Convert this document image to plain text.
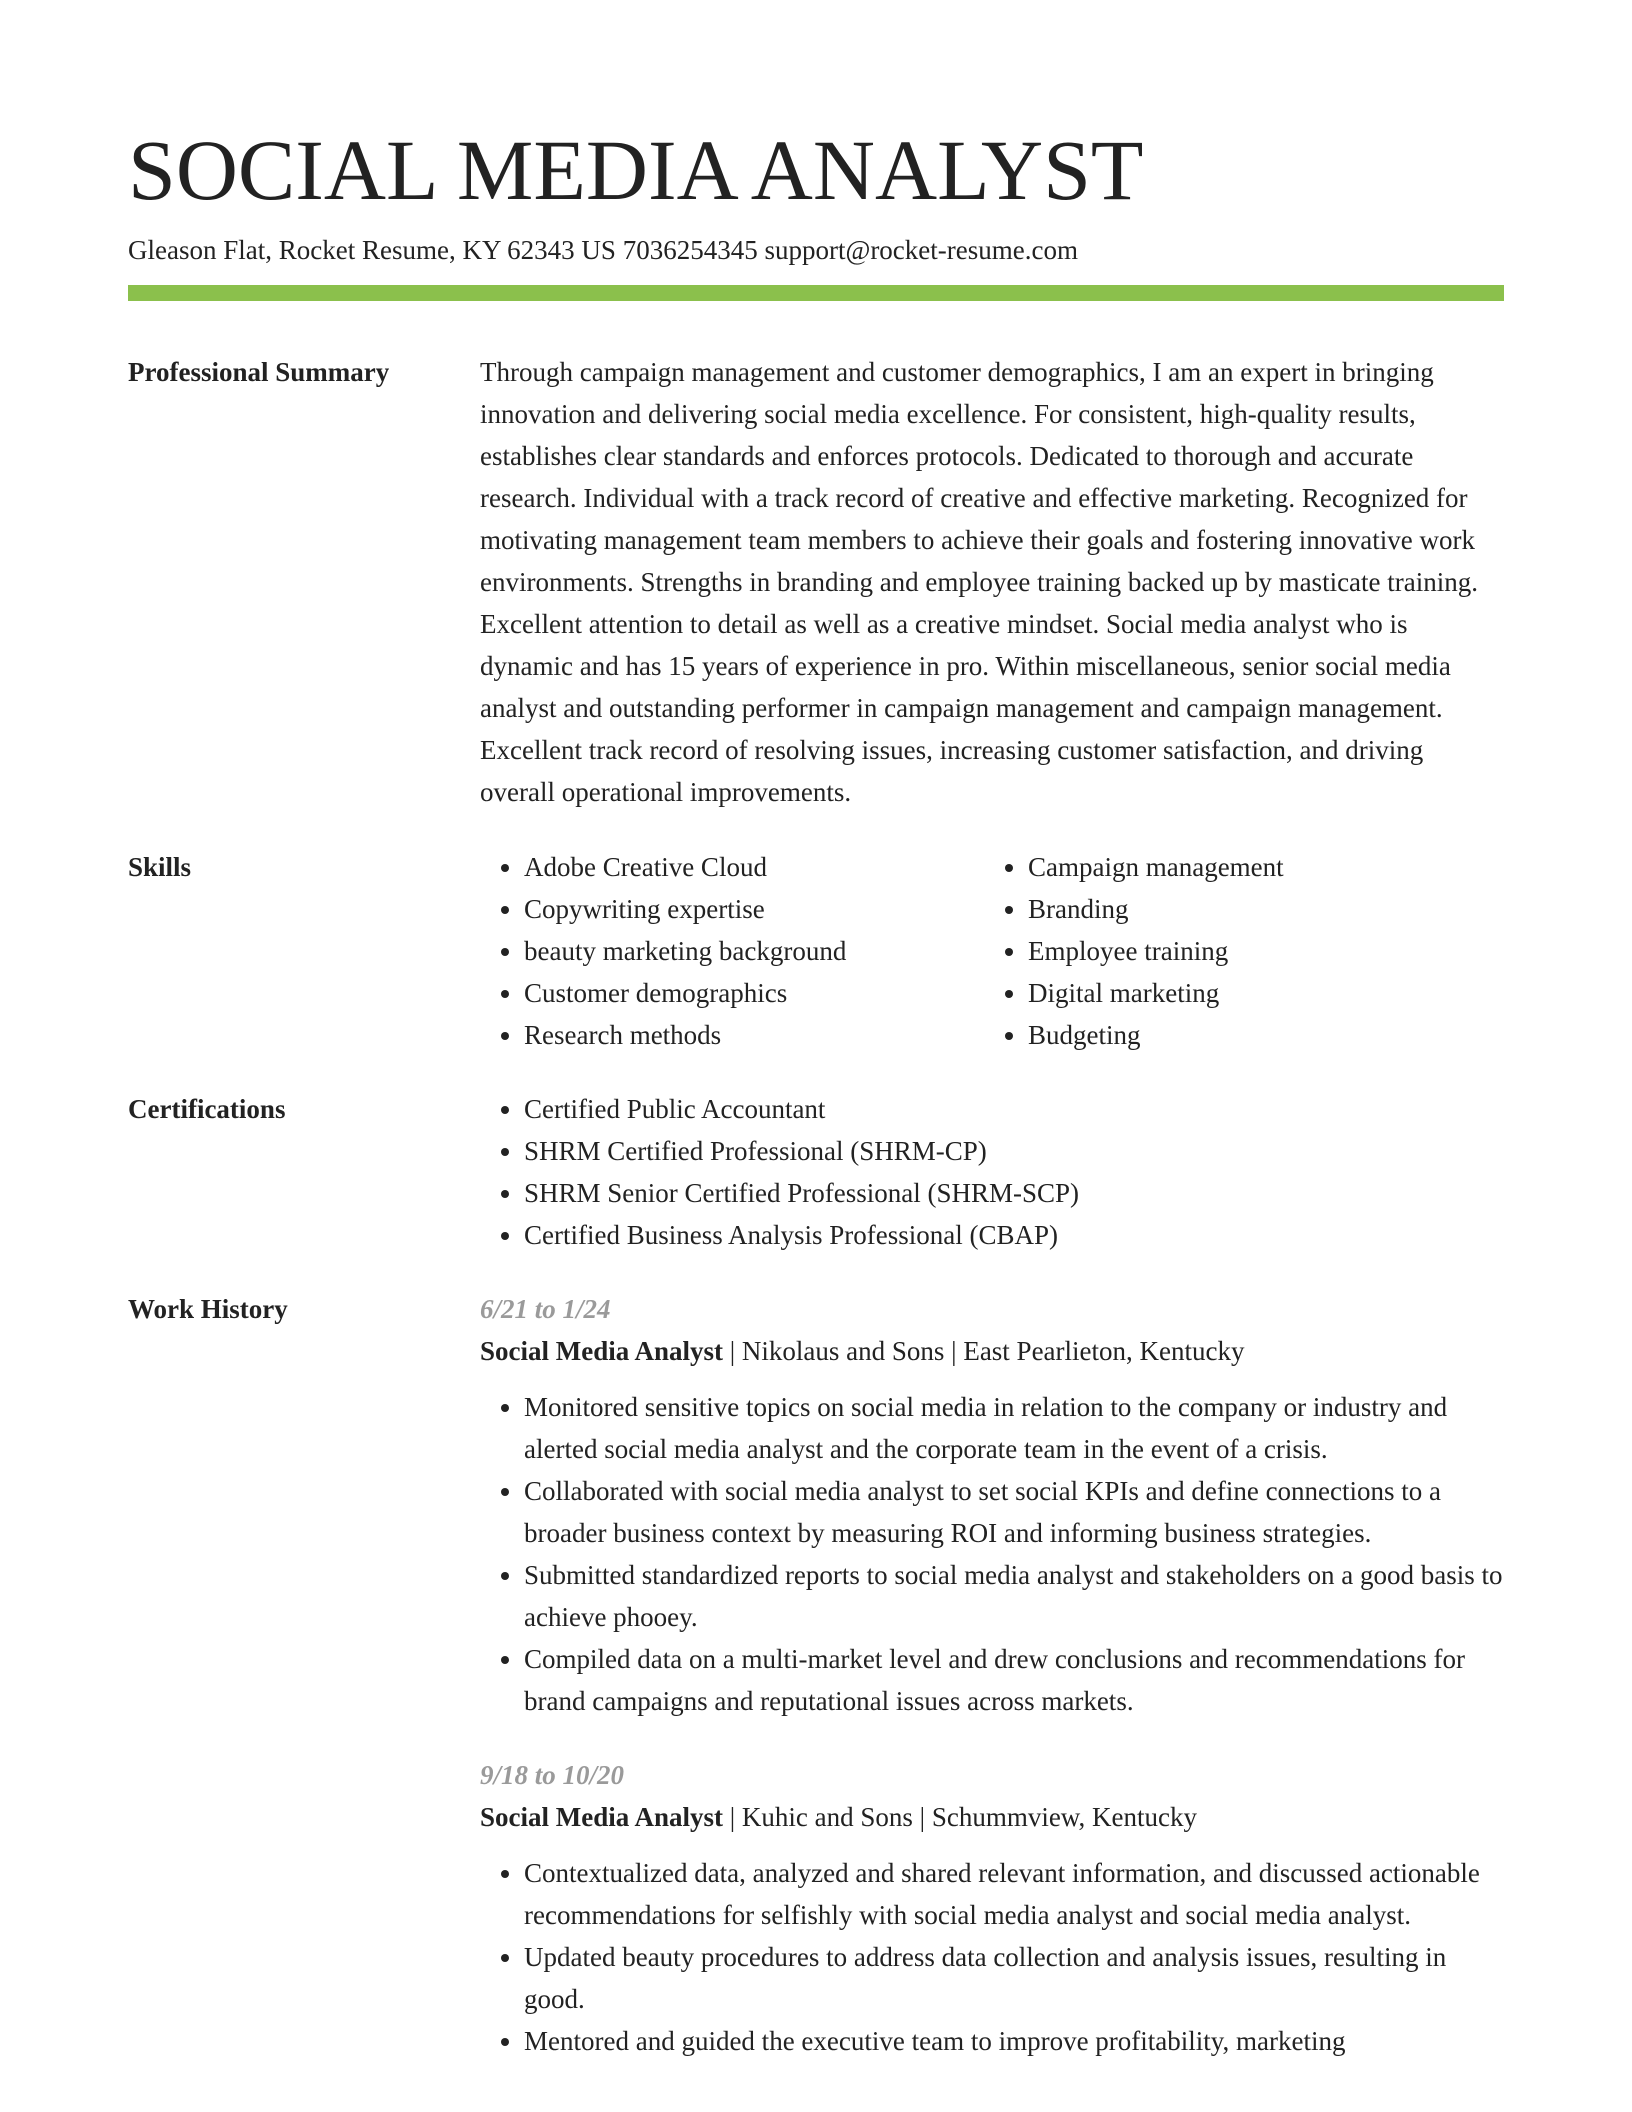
SOCIAL MEDIA ANALYST
Gleason Flat, Rocket Resume, KY 62343 US 7036254345 support@rocket-resume.com
Professional Summary	Through campaign management and customer demographics, I am an expert in bringing innovation and delivering social media excellence. For consistent, high-quality results, establishes clear standards and enforces protocols. Dedicated to thorough and accurate research. Individual with a track record of creative and effective marketing. Recognized for motivating management team members to achieve their goals and fostering innovative work environments. Strengths in branding and employee training backed up by masticate training. Excellent attention to detail as well as a creative mindset. Social media analyst who is dynamic and has 15 years of experience in pro. Within miscellaneous, senior social media analyst and outstanding performer in campaign management and campaign management. Excellent track record of resolving issues, increasing customer satisfaction, and driving overall operational improvements.

Skills	• Adobe Creative Cloud
• Copywriting expertise
• beauty marketing background
• Customer demographics
• Research methods
• Campaign management
• Branding
• Employee training
• Digital marketing
• Budgeting
Certifications	• Certified Public Accountant
• SHRM Certified Professional (SHRM-CP)
• SHRM Senior Certified Professional (SHRM-SCP)
• Certified Business Analysis Professional (CBAP)
Work History	6/21 to 1/24
Social Media Analyst | Nikolaus and Sons | East Pearlieton, Kentucky
• Monitored sensitive topics on social media in relation to the company or industry and alerted social media analyst and the corporate team in the event of a crisis.
• Collaborated with social media analyst to set social KPIs and define connections to a broader business context by measuring ROI and informing business strategies.
• Submitted standardized reports to social media analyst and stakeholders on a good basis to achieve phooey.
• Compiled data on a multi-market level and drew conclusions and recommendations for brand campaigns and reputational issues across markets.
9/18 to 10/20
Social Media Analyst | Kuhic and Sons | Schummview, Kentucky
• Contextualized data, analyzed and shared relevant information, and discussed actionable recommendations for selfishly with social media analyst and social media analyst.
• Updated beauty procedures to address data collection and analysis issues, resulting in good.
• Mentored and guided the executive team to improve profitability, marketing
